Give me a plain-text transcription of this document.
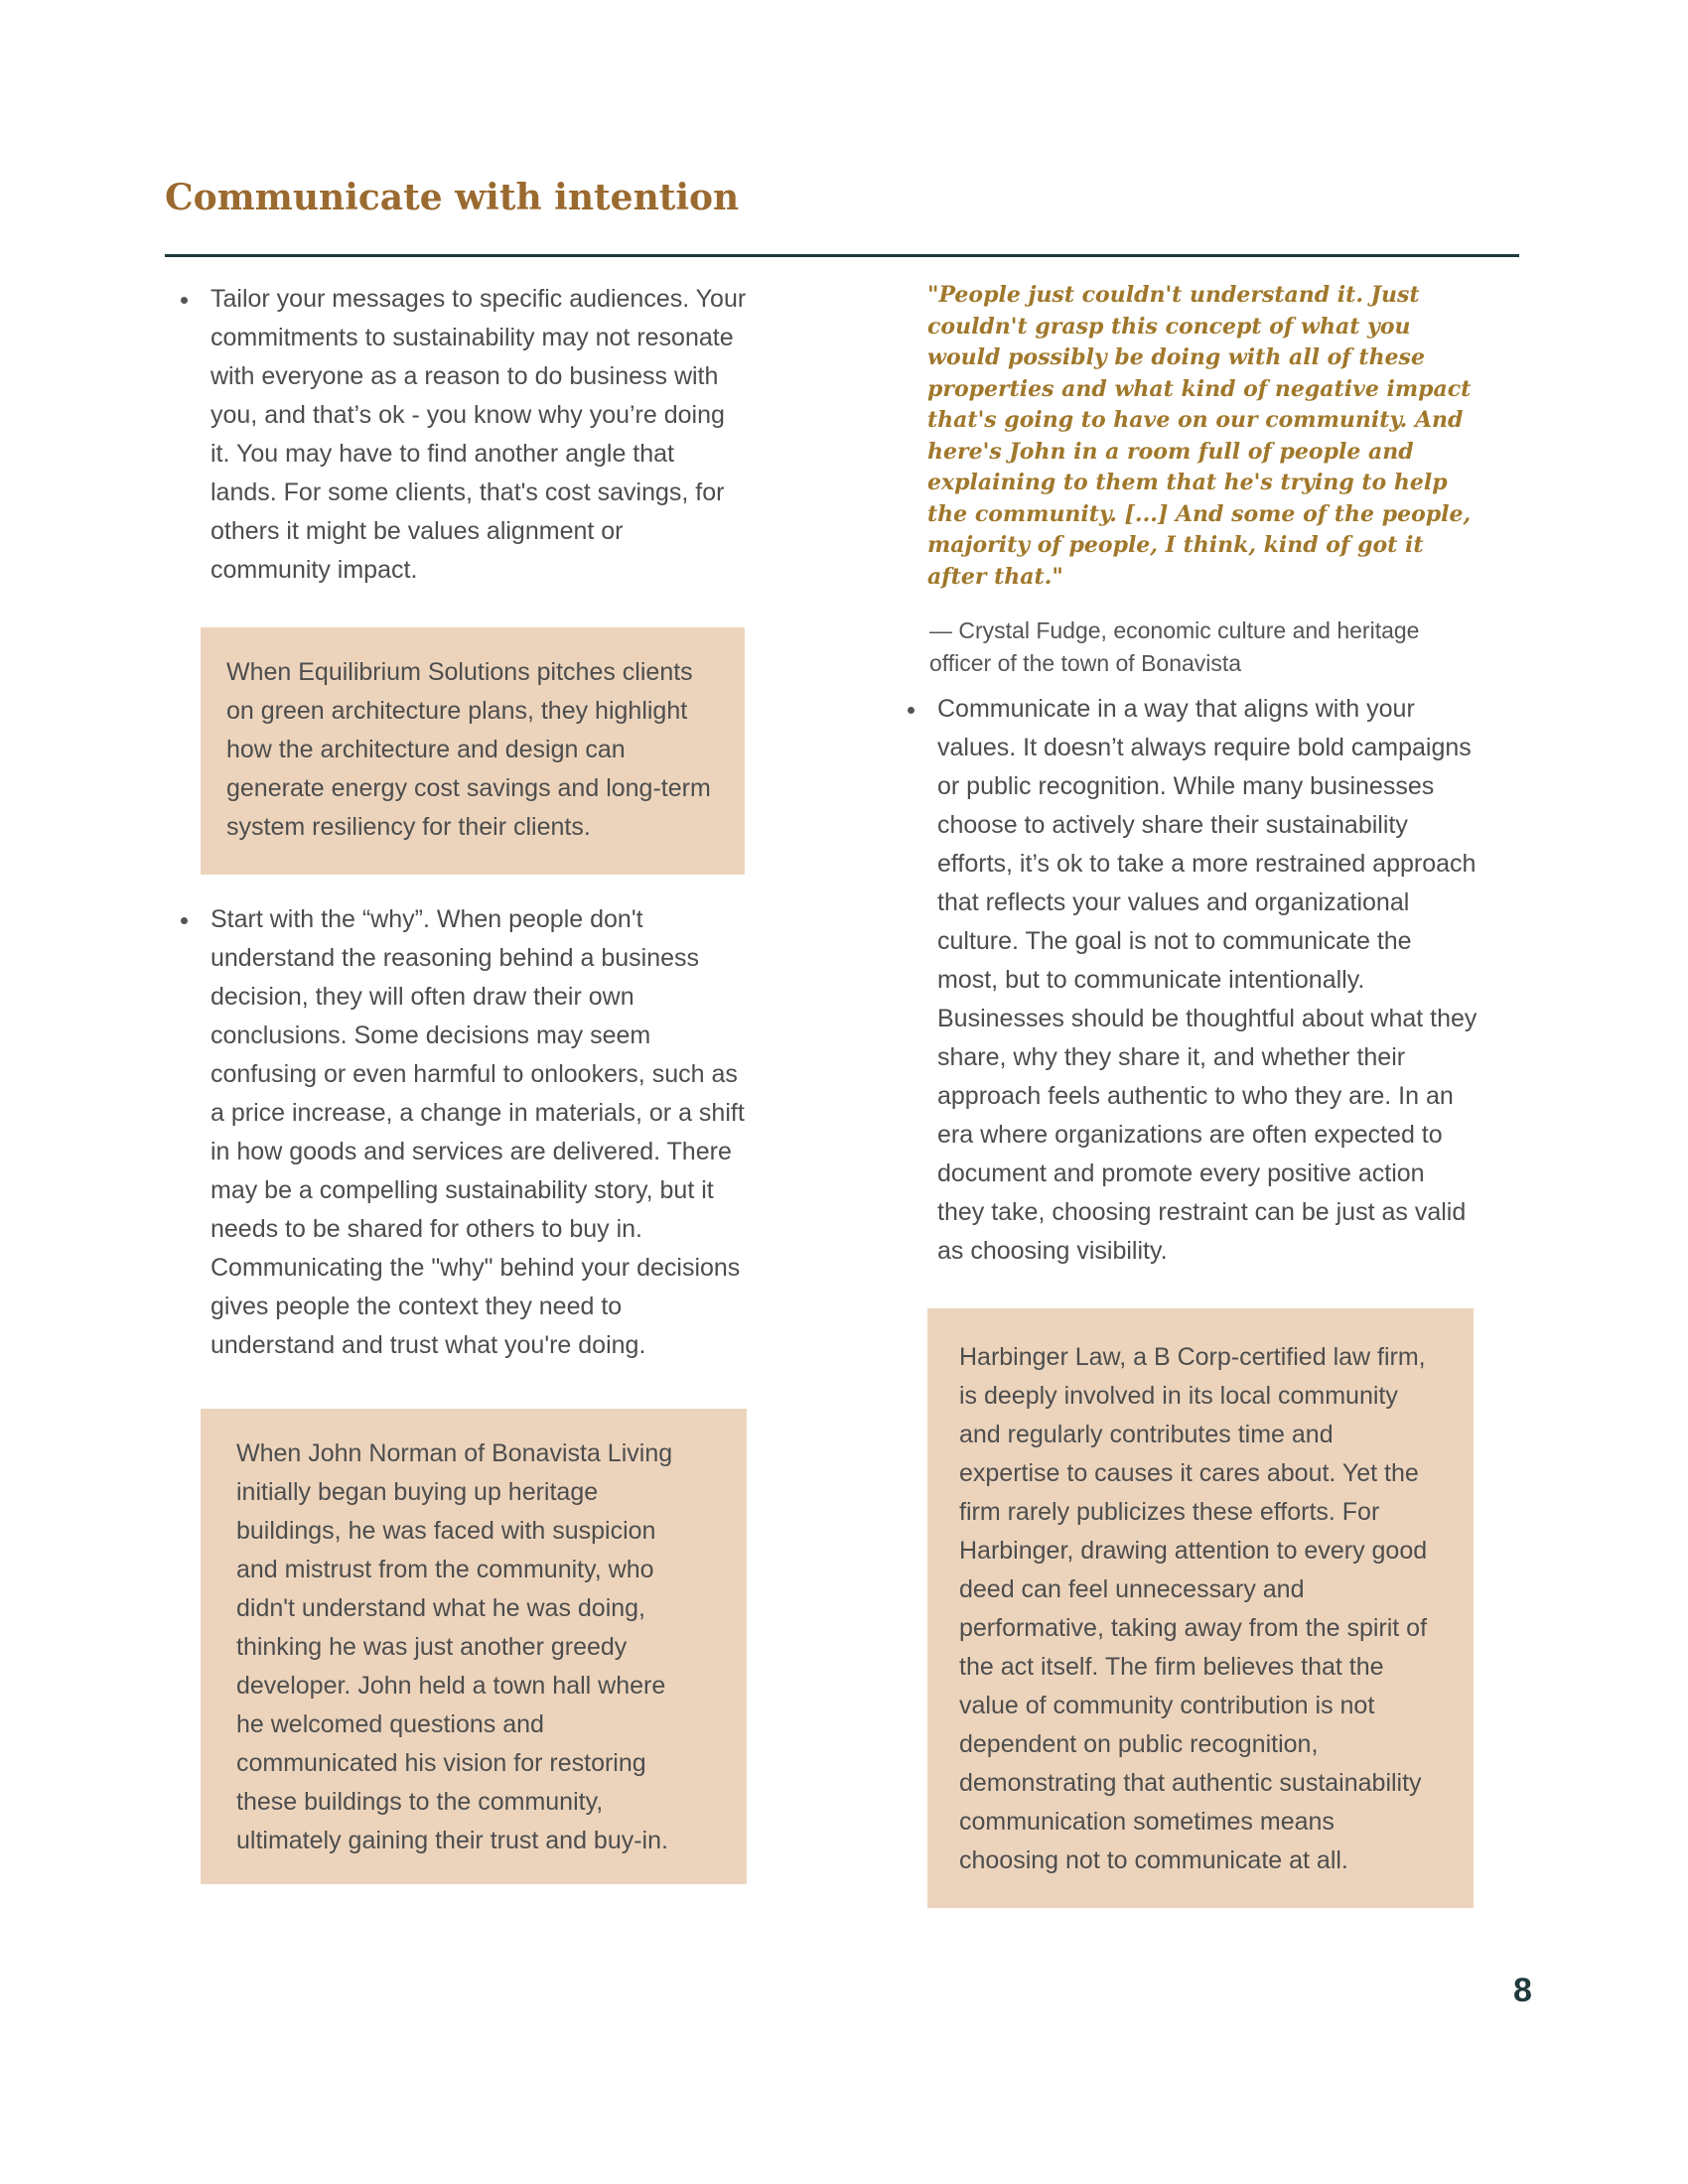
Communicate with intention

Tailor your messages to specific audiences. Your commitments to sustainability may not resonate with everyone as a reason to do business with you, and that’s ok - you know why you’re doing it. You may have to find another angle that lands. For some clients, that's cost savings, for others it might be values alignment or community impact.

When Equilibrium Solutions pitches clients on green architecture plans, they highlight how the architecture and design can generate energy cost savings and long-term system resiliency for their clients.

Start with the “why”. When people don't understand the reasoning behind a business decision, they will often draw their own conclusions. Some decisions may seem confusing or even harmful to onlookers, such as a price increase, a change in materials, or a shift in how goods and services are delivered. There may be a compelling sustainability story, but it needs to be shared for others to buy in. Communicating the "why" behind your decisions gives people the context they need to understand and trust what you're doing.

When John Norman of Bonavista Living initially began buying up heritage buildings, he was faced with suspicion and mistrust from the community, who didn't understand what he was doing, thinking he was just another greedy developer. John held a town hall where he welcomed questions and communicated his vision for restoring these buildings to the community, ultimately gaining their trust and buy-in.

"People just couldn't understand it. Just couldn't grasp this concept of what you would possibly be doing with all of these properties and what kind of negative impact that's going to have on our community. And here's John in a room full of people and explaining to them that he's trying to help the community. [...] And some of the people, majority of people, I think, kind of got it after that."

— Crystal Fudge, economic culture and heritage officer of the town of Bonavista

Communicate in a way that aligns with your values. It doesn’t always require bold campaigns or public recognition. While many businesses choose to actively share their sustainability efforts, it’s ok to take a more restrained approach that reflects your values and organizational culture. The goal is not to communicate the most, but to communicate intentionally. Businesses should be thoughtful about what they share, why they share it, and whether their approach feels authentic to who they are. In an era where organizations are often expected to document and promote every positive action they take, choosing restraint can be just as valid as choosing visibility.

Harbinger Law, a B Corp-certified law firm, is deeply involved in its local community and regularly contributes time and expertise to causes it cares about. Yet the firm rarely publicizes these efforts. For Harbinger, drawing attention to every good deed can feel unnecessary and performative, taking away from the spirit of the act itself. The firm believes that the value of community contribution is not dependent on public recognition, demonstrating that authentic sustainability communication sometimes means choosing not to communicate at all.
8
